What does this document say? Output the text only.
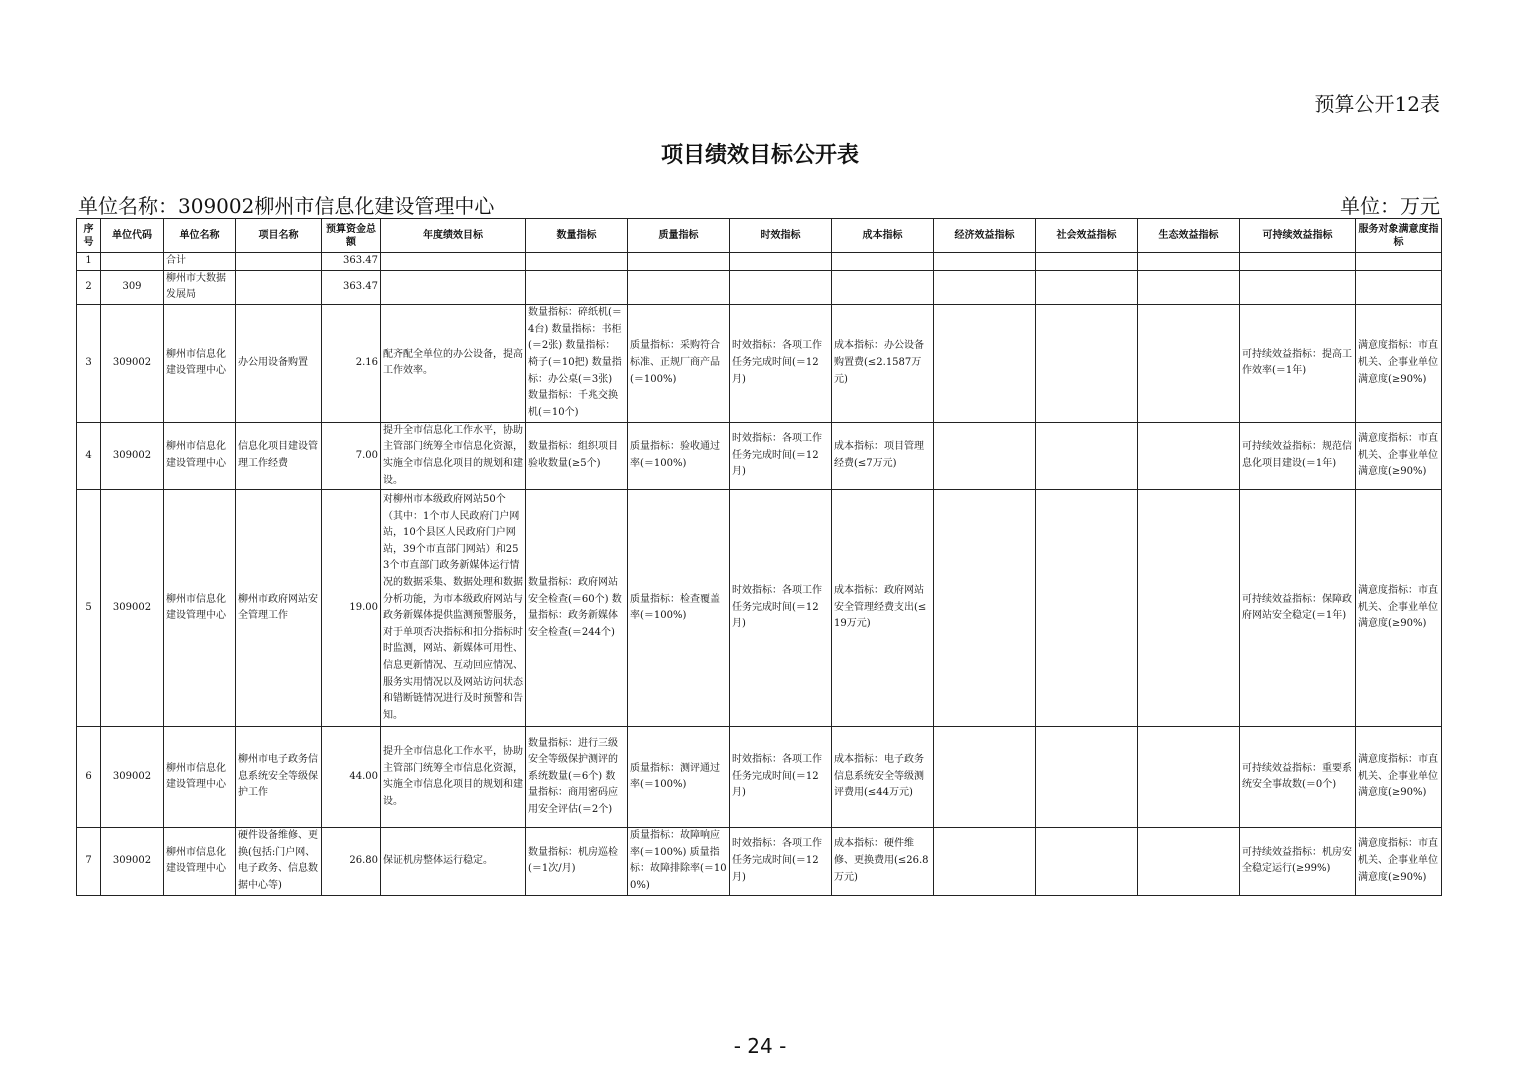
预算公开12表
项目绩效目标公开表
单位名称：309002柳州市信息化建设管理中心	单位：万元
序号	单位代码	单位名称	项目名称	预算资金总额	年度绩效目标	数量指标	质量指标	时效指标	成本指标	经济效益指标	社会效益指标	生态效益指标	可持续效益指标	服务对象满意度指标
1		合计		363.47										
2	309	柳州市大数据发展局		363.47										
3	309002	柳州市信息化建设管理中心	办公用设备购置	2.16	配齐配全单位的办公设备，提高工作效率。	数量指标：碎纸机(＝4台) 数量指标：书柜(＝2张) 数量指标：椅子(＝10把) 数量指标：办公桌(＝3张) 数量指标：千兆交换机(＝10个)	质量指标：采购符合标准、正规厂商产品(＝100%)	时效指标：各项工作任务完成时间(＝12月)	成本指标：办公设备购置费(≤2.1587万元)				可持续效益指标：提高工作效率(＝1年)	满意度指标：市直机关、企事业单位满意度(≥90%)
4	309002	柳州市信息化建设管理中心	信息化项目建设管理工作经费	7.00	提升全市信息化工作水平，协助主管部门统筹全市信息化资源，实施全市信息化项目的规划和建设。	数量指标：组织项目验收数量(≥5个)	质量指标：验收通过率(＝100%)	时效指标：各项工作任务完成时间(＝12月)	成本指标：项目管理经费(≤7万元)				可持续效益指标：规范信息化项目建设(＝1年)	满意度指标：市直机关、企事业单位满意度(≥90%)
5	309002	柳州市信息化建设管理中心	柳州市政府网站安全管理工作	19.00	对柳州市本级政府网站50个（其中：1个市人民政府门户网站，10个县区人民政府门户网站，39个市直部门网站）和253个市直部门政务新媒体运行情况的数据采集、数据处理和数据分析功能，为市本级政府网站与政务新媒体提供监测预警服务，对于单项否决指标和扣分指标时时监测，网站、新媒体可用性、信息更新情况、互动回应情况、服务实用情况以及网站访问状态和错断链情况进行及时预警和告知。	数量指标：政府网站安全检查(＝60个) 数量指标：政务新媒体安全检查(＝244个)	质量指标：检查覆盖率(＝100%)	时效指标：各项工作任务完成时间(＝12月)	成本指标：政府网站安全管理经费支出(≤19万元)				可持续效益指标：保障政府网站安全稳定(＝1年)	满意度指标：市直机关、企事业单位满意度(≥90%)
6	309002	柳州市信息化建设管理中心	柳州市电子政务信息系统安全等级保护工作	44.00	提升全市信息化工作水平，协助主管部门统筹全市信息化资源，实施全市信息化项目的规划和建设。	数量指标：进行三级安全等级保护测评的系统数量(＝6个) 数量指标：商用密码应用安全评估(＝2个)	质量指标：测评通过率(＝100%)	时效指标：各项工作任务完成时间(＝12月)	成本指标：电子政务信息系统安全等级测评费用(≤44万元)				可持续效益指标：重要系统安全事故数(＝0个)	满意度指标：市直机关、企事业单位满意度(≥90%)
7	309002	柳州市信息化建设管理中心	硬件设备维修、更换(包括:门户网、电子政务、信息数据中心等)	26.80	保证机房整体运行稳定。	数量指标：机房巡检(＝1次/月)	质量指标：故障响应率(＝100%) 质量指标：故障排除率(＝100%)	时效指标：各项工作任务完成时间(＝12月)	成本指标：硬件维修、更换费用(≤26.8万元)				可持续效益指标：机房安全稳定运行(≥99%)	满意度指标：市直机关、企事业单位满意度(≥90%)
- 24 -
